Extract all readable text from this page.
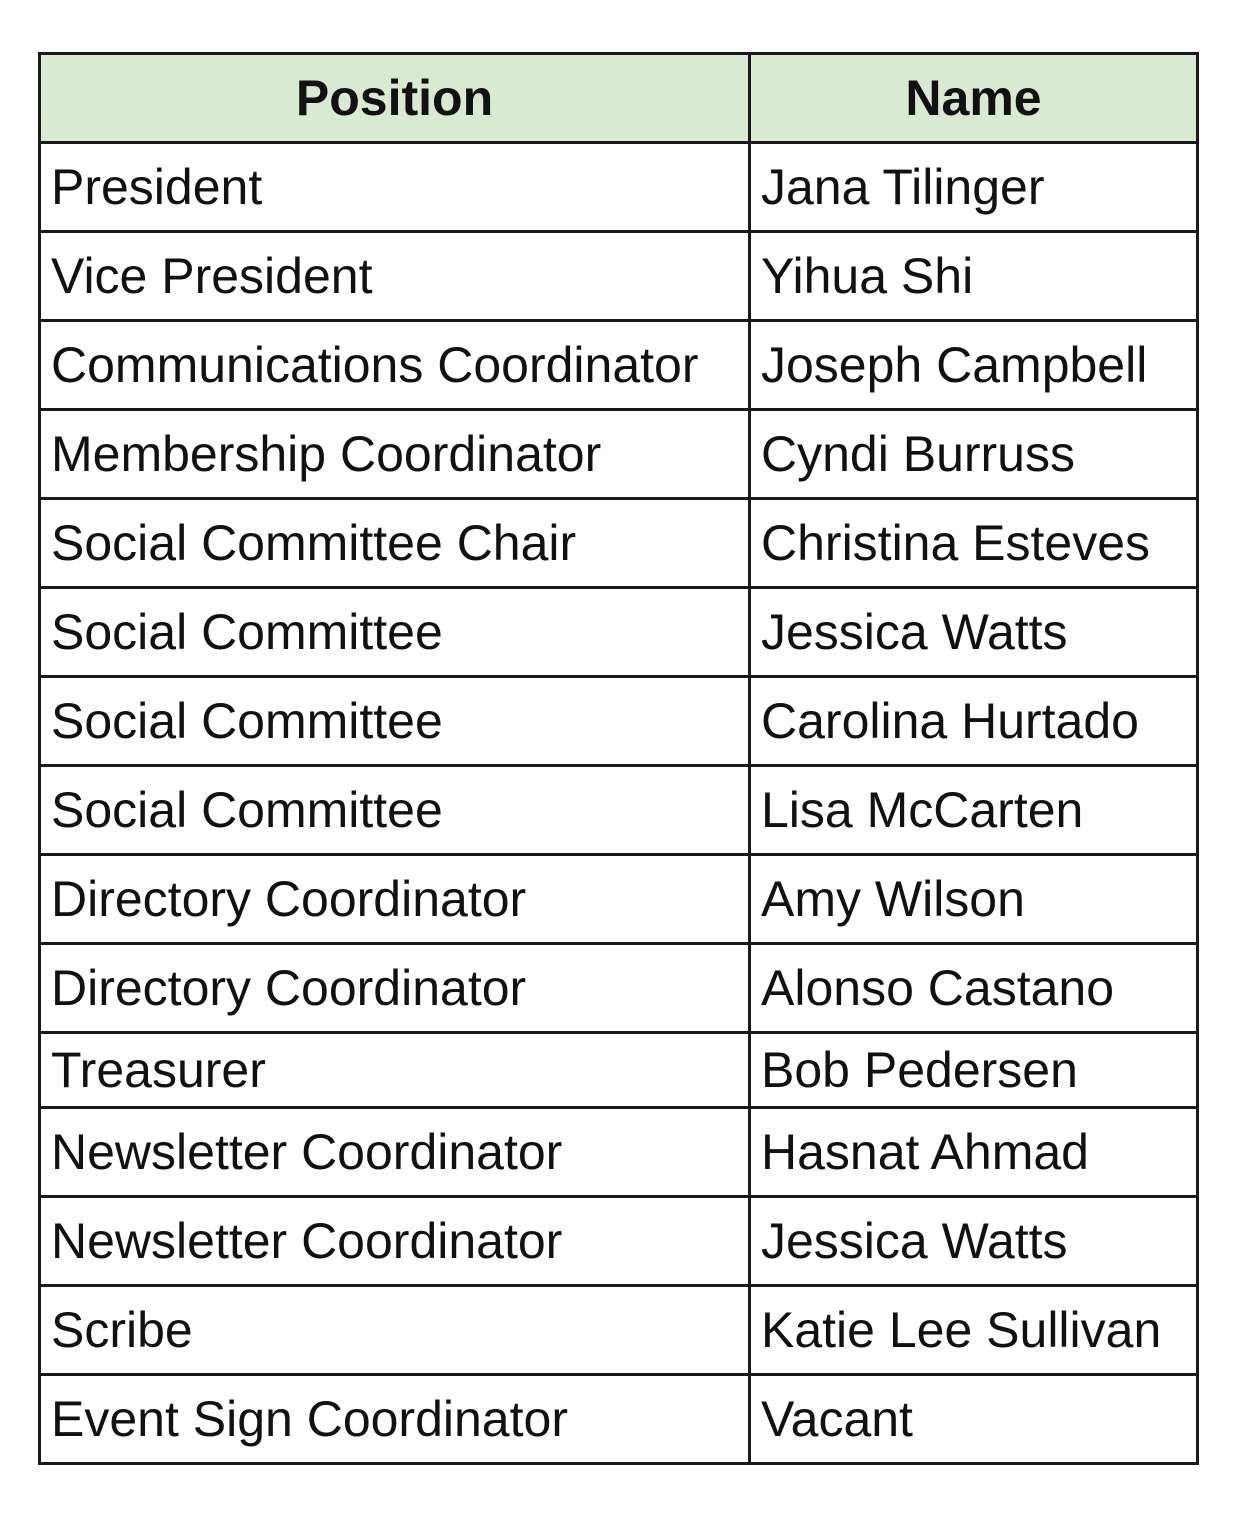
Position	Name
President	Jana Tilinger
Vice President	Yihua Shi
Communications Coordinator	Joseph Campbell
Membership Coordinator	Cyndi Burruss
Social Committee Chair	Christina Esteves
Social Committee	Jessica Watts
Social Committee	Carolina Hurtado
Social Committee	Lisa McCarten
Directory Coordinator	Amy Wilson
Directory Coordinator	Alonso Castano
Treasurer	Bob Pedersen
Newsletter Coordinator	Hasnat Ahmad
Newsletter Coordinator	Jessica Watts
Scribe	Katie Lee Sullivan
Event Sign Coordinator	Vacant
